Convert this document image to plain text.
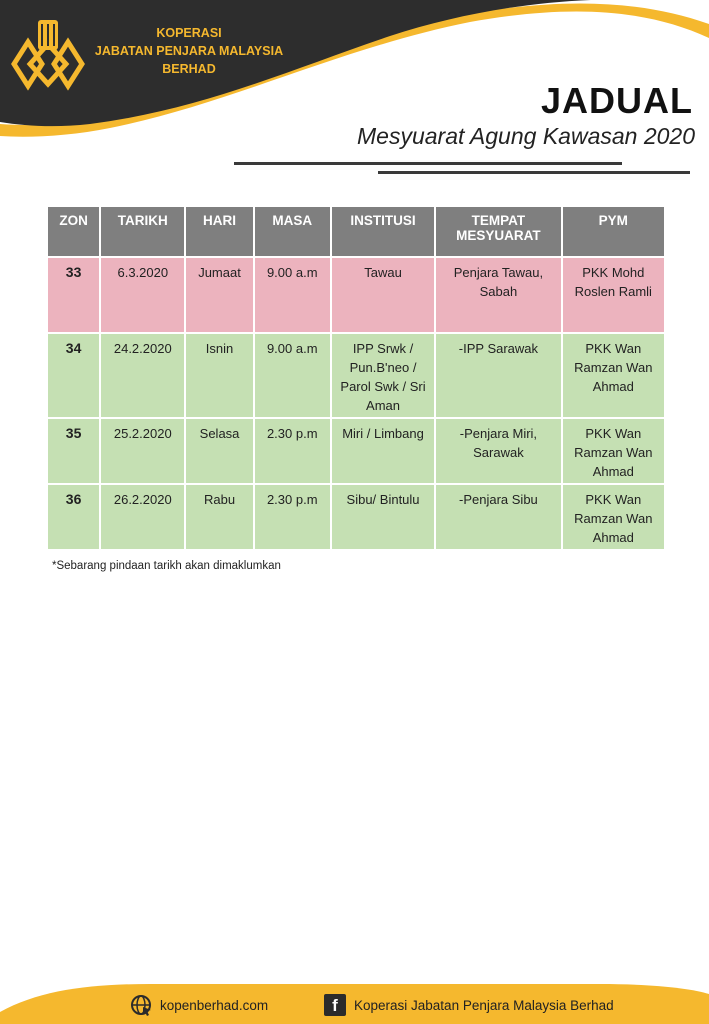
KOPERASI
JABATAN PENJARA MALAYSIA
BERHAD
JADUAL
Mesyuarat Agung Kawasan 2020
ZON	TARIKH	HARI	MASA	INSTITUSI	TEMPAT MESYUARAT	PYM
33	6.3.2020	Jumaat	9.00 a.m	Tawau	Penjara Tawau, Sabah	PKK Mohd Roslen Ramli
34	24.2.2020	Isnin	9.00 a.m	IPP Srwk / Pun.B'neo / Parol Swk / Sri Aman	-IPP Sarawak	PKK Wan Ramzan Wan Ahmad
35	25.2.2020	Selasa	2.30 p.m	Miri / Limbang	-Penjara Miri, Sarawak	PKK Wan Ramzan Wan Ahmad
36	26.2.2020	Rabu	2.30 p.m	Sibu/ Bintulu	-Penjara Sibu	PKK Wan Ramzan Wan Ahmad
*Sebarang pindaan tarikh akan dimaklumkan
kopenberhad.com	f	Koperasi Jabatan Penjara Malaysia Berhad
